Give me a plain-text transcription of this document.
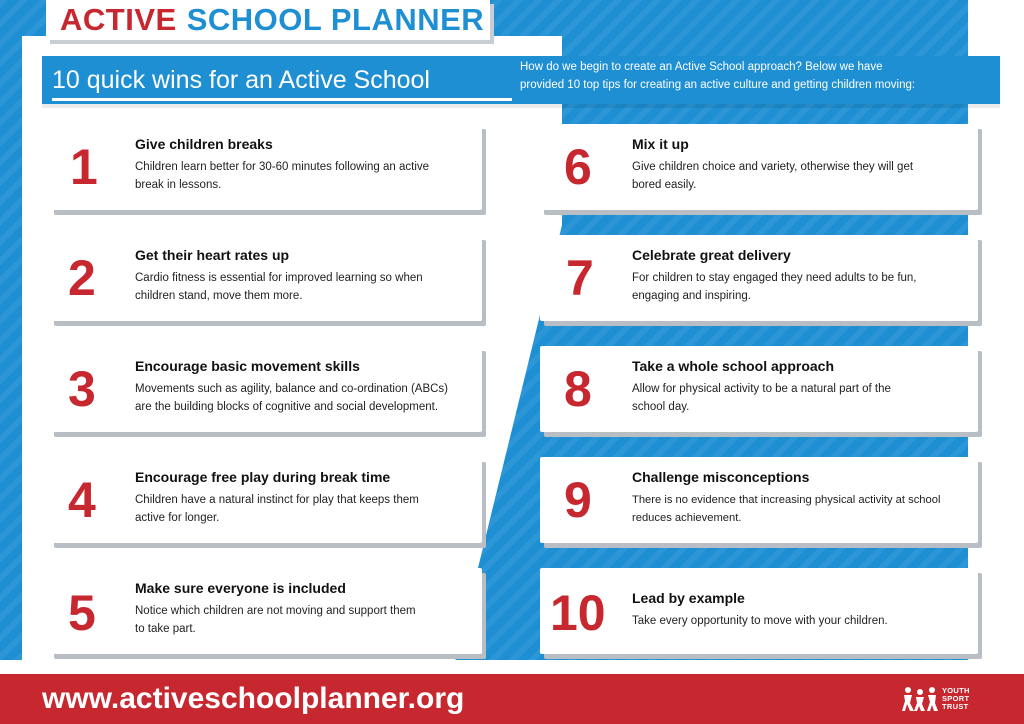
ACTIVE SCHOOL PLANNER
10 quick wins for an Active School	How do we begin to create an Active School approach? Below we have
provided 10 top tips for creating an active culture and getting children moving:
1	Give children breaks
Children learn better for 30-60 minutes following an active
break in lessons.
2	Get their heart rates up
Cardio fitness is essential for improved learning so when
children stand, move them more.
3	Encourage basic movement skills
Movements such as agility, balance and co-ordination (ABCs)
are the building blocks of cognitive and social development.
4	Encourage free play during break time
Children have a natural instinct for play that keeps them
active for longer.
5	Make sure everyone is included
Notice which children are not moving and support them
to take part.
6	Mix it up
Give children choice and variety, otherwise they will get
bored easily.
7	Celebrate great delivery
For children to stay engaged they need adults to be fun,
engaging and inspiring.
8	Take a whole school approach
Allow for physical activity to be a natural part of the
school day.
9	Challenge misconceptions
There is no evidence that increasing physical activity at school
reduces achievement.
10 Lead by example
Take every opportunity to move with your children.
www.activeschoolplanner.org	YOUTH
SPORT
TRUST
